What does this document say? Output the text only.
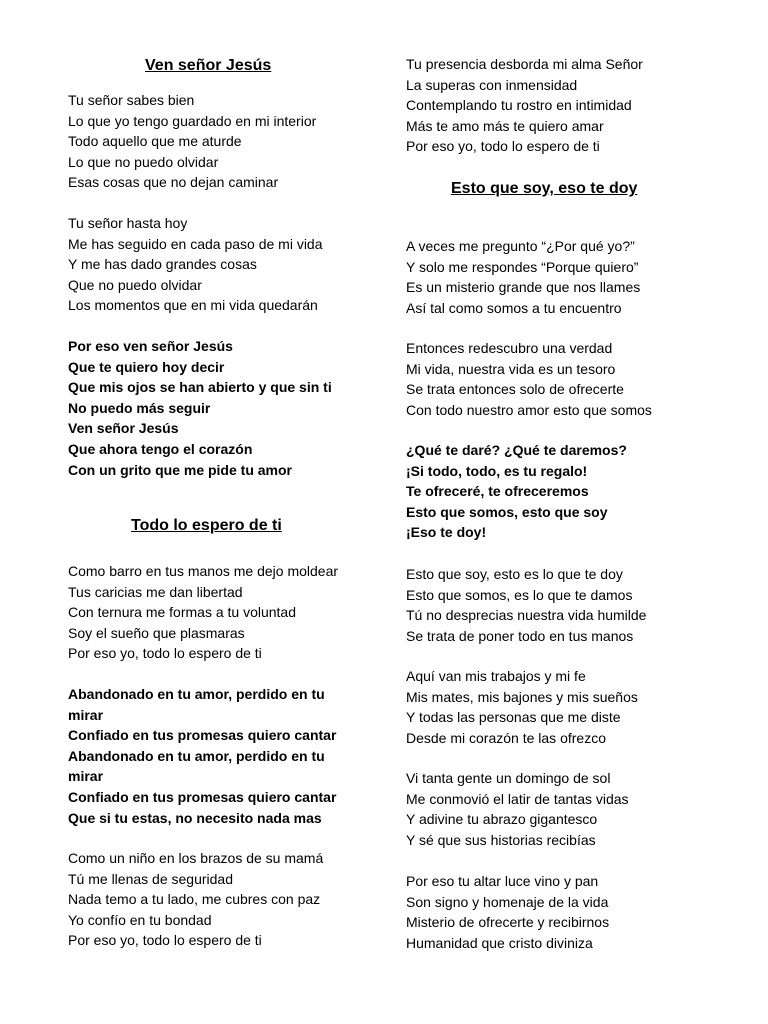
Ven señor Jesús
Tu señor sabes bien
Lo que yo tengo guardado en mi interior
Todo aquello que me aturde
Lo que no puedo olvidar
Esas cosas que no dejan caminar
Tu señor hasta hoy
Me has seguido en cada paso de mi vida
Y me has dado grandes cosas
Que no puedo olvidar
Los momentos que en mi vida quedarán
Por eso ven señor Jesús
Que te quiero hoy decir
Que mis ojos se han abierto y que sin ti
No puedo más seguir
Ven señor Jesús
Que ahora tengo el corazón
Con un grito que me pide tu amor
Todo lo espero de ti
Como barro en tus manos me dejo moldear
Tus caricias me dan libertad
Con ternura me formas a tu voluntad
Soy el sueño que plasmaras
Por eso yo, todo lo espero de ti
Abandonado en tu amor, perdido en tu mirar
Confiado en tus promesas quiero cantar
Abandonado en tu amor, perdido en tu mirar
Confiado en tus promesas quiero cantar
Que si tu estas, no necesito nada mas
Como un niño en los brazos de su mamá
Tú me llenas de seguridad
Nada temo a tu lado, me cubres con paz
Yo confío en tu bondad
Por eso yo, todo lo espero de ti
Tu presencia desborda mi alma Señor
La superas con inmensidad
Contemplando tu rostro en intimidad
Más te amo más te quiero amar
Por eso yo, todo lo espero de ti
Esto que soy, eso te doy
A veces me pregunto “¿Por qué yo?”
Y solo me respondes “Porque quiero”
Es un misterio grande que nos llames
Así tal como somos a tu encuentro
Entonces redescubro una verdad
Mi vida, nuestra vida es un tesoro
Se trata entonces solo de ofrecerte
Con todo nuestro amor esto que somos
¿Qué te daré? ¿Qué te daremos?
¡Si todo, todo, es tu regalo!
Te ofreceré, te ofreceremos
Esto que somos, esto que soy
¡Eso te doy!
Esto que soy, esto es lo que te doy
Esto que somos, es lo que te damos
Tú no desprecias nuestra vida humilde
Se trata de poner todo en tus manos
Aquí van mis trabajos y mi fe
Mis mates, mis bajones y mis sueños
Y todas las personas que me diste
Desde mi corazón te las ofrezco
Vi tanta gente un domingo de sol
Me conmovió el latir de tantas vidas
Y adivine tu abrazo gigantesco
Y sé que sus historias recibías
Por eso tu altar luce vino y pan
Son signo y homenaje de la vida
Misterio de ofrecerte y recibirnos
Humanidad que cristo diviniza
